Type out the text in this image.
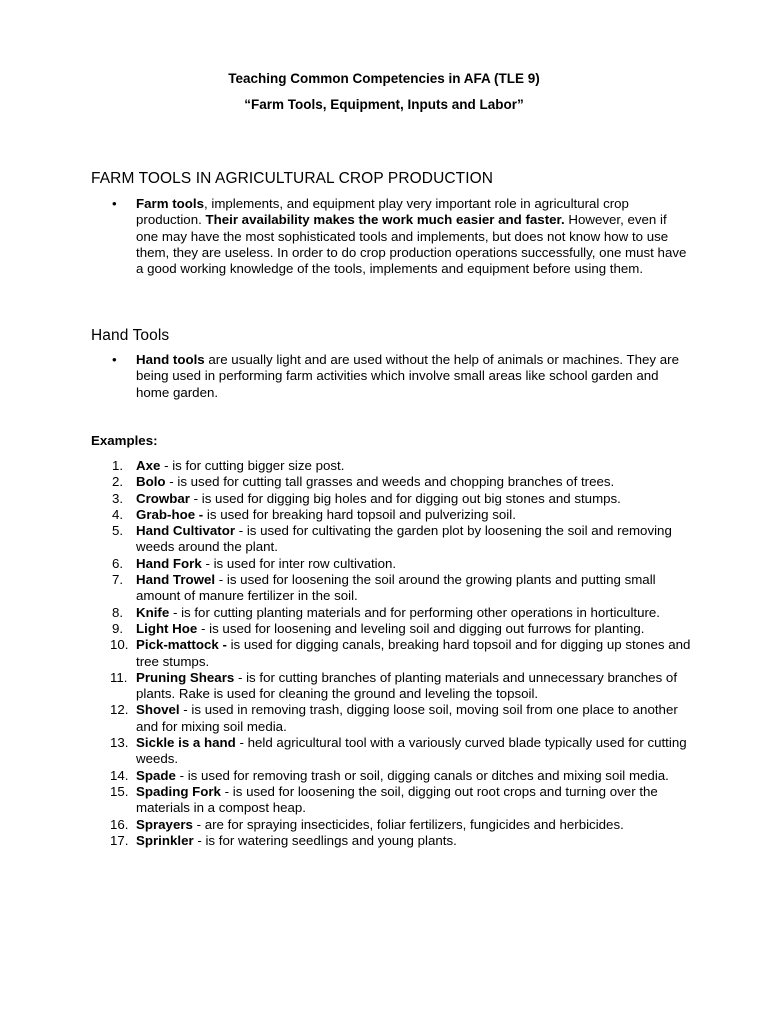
Teaching Common Competencies in AFA (TLE 9)

“Farm Tools, Equipment, Inputs and Labor”

FARM TOOLS IN AGRICULTURAL CROP PRODUCTION
• Farm tools, implements, and equipment play very important role in agricultural crop production. Their availability makes the work much easier and faster. However, even if one may have the most sophisticated tools and implements, but does not know how to use them, they are useless. In order to do crop production operations successfully, one must have a good working knowledge of the tools, implements and equipment before using them.
Hand Tools
• Hand tools are usually light and are used without the help of animals or machines. They are being used in performing farm activities which involve small areas like school garden and home garden.
Examples:
1. Axe - is for cutting bigger size post.
2. Bolo - is used for cutting tall grasses and weeds and chopping branches of trees.
3. Crowbar - is used for digging big holes and for digging out big stones and stumps.
4. Grab-hoe - is used for breaking hard topsoil and pulverizing soil.
5. Hand Cultivator - is used for cultivating the garden plot by loosening the soil and removing weeds around the plant.
6. Hand Fork - is used for inter row cultivation.
7. Hand Trowel - is used for loosening the soil around the growing plants and putting small amount of manure fertilizer in the soil.
8. Knife - is for cutting planting materials and for performing other operations in horticulture.
9. Light Hoe - is used for loosening and leveling soil and digging out furrows for planting.
10. Pick-mattock - is used for digging canals, breaking hard topsoil and for digging up stones and tree stumps.
11. Pruning Shears - is for cutting branches of planting materials and unnecessary branches of plants. Rake is used for cleaning the ground and leveling the topsoil.
12. Shovel - is used in removing trash, digging loose soil, moving soil from one place to another and for mixing soil media.
13. Sickle is a hand - held agricultural tool with a variously curved blade typically used for cutting weeds.
14. Spade - is used for removing trash or soil, digging canals or ditches and mixing soil media.
15. Spading Fork - is used for loosening the soil, digging out root crops and turning over the materials in a compost heap.
16. Sprayers - are for spraying insecticides, foliar fertilizers, fungicides and herbicides.
17. Sprinkler - is for watering seedlings and young plants.
